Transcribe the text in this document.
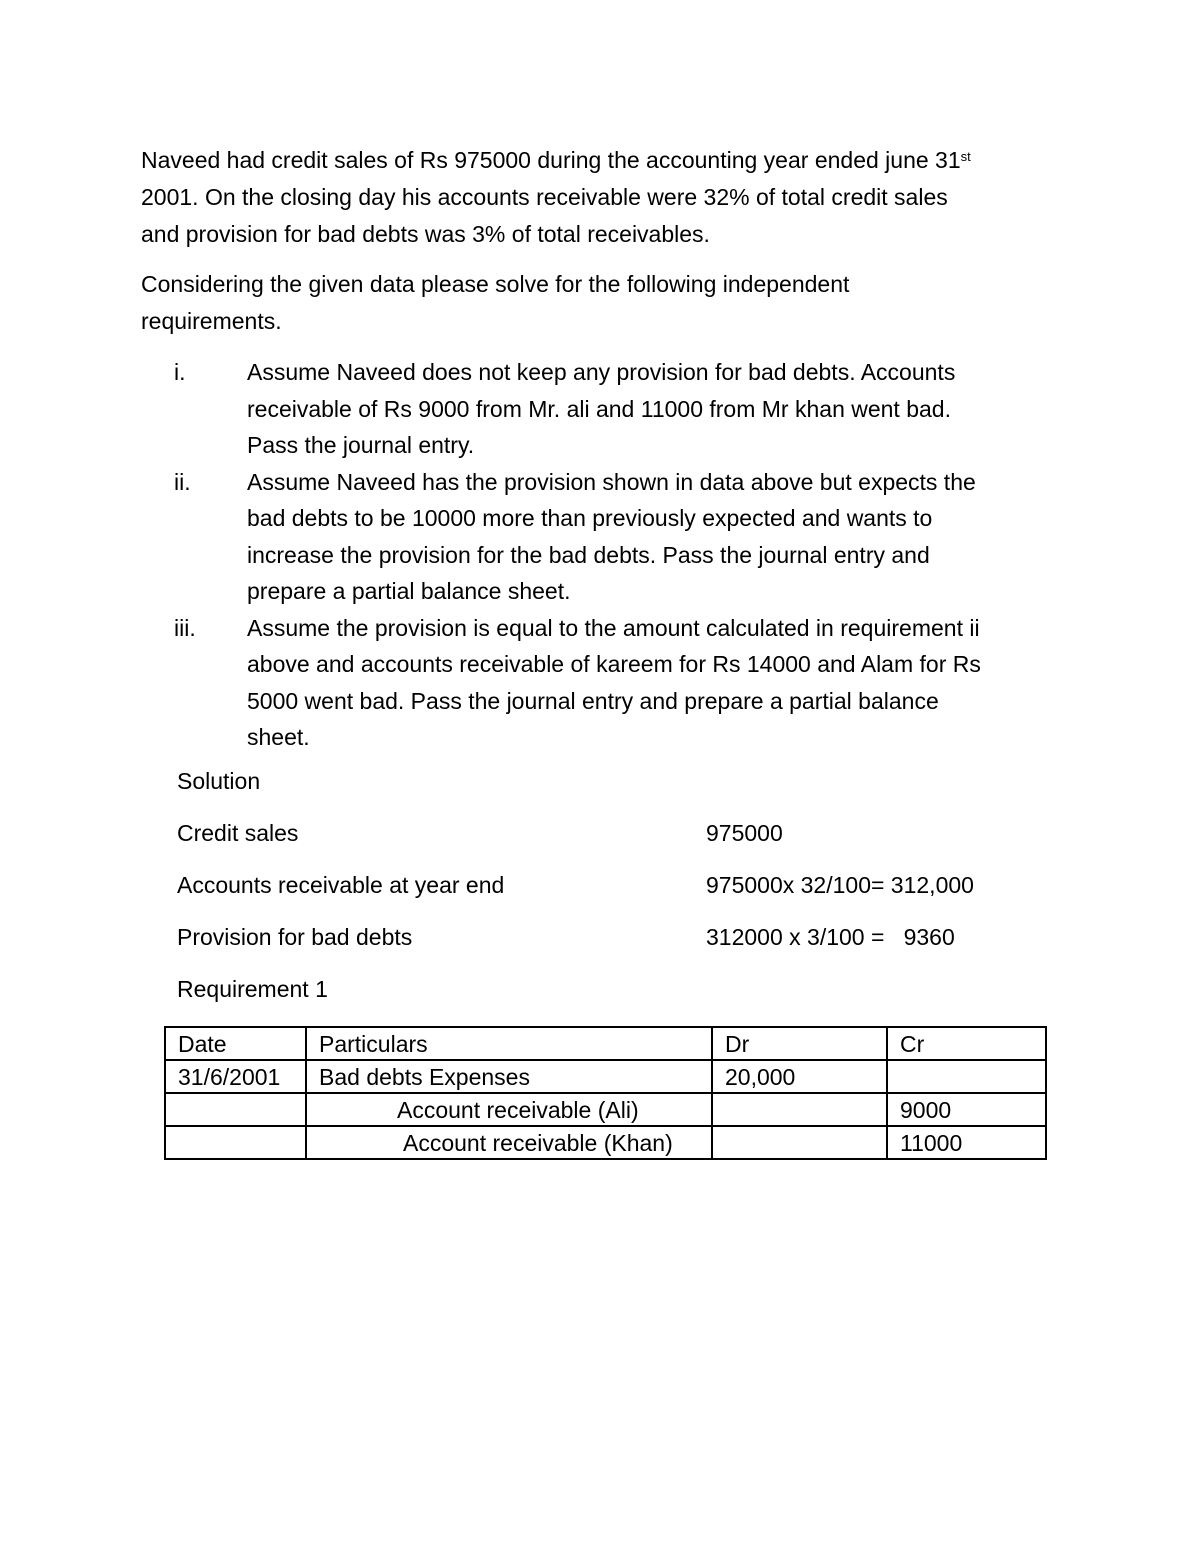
Naveed had credit sales of Rs 975000 during the accounting year ended june 31st
2001. On the closing day his accounts receivable were 32% of total credit sales
and provision for bad debts was 3% of total receivables.
Considering the given data please solve for the following independent
requirements.
i.	Assume Naveed does not keep any provision for bad debts. Accounts
receivable of Rs 9000 from Mr. ali and 11000 from Mr khan went bad.
Pass the journal entry.
ii.	Assume Naveed has the provision shown in data above but expects the
bad debts to be 10000 more than previously expected and wants to
increase the provision for the bad debts. Pass the journal entry and
prepare a partial balance sheet.
iii.	Assume the provision is equal to the amount calculated in requirement ii
above and accounts receivable of kareem for Rs 14000 and Alam for Rs
5000 went bad. Pass the journal entry and prepare a partial balance
sheet.
Solution
Credit sales	975000
Accounts receivable at year end	975000x 32/100= 312,000
Provision for bad debts	312000 x 3/100 =   9360
Requirement 1
Date	Particulars	Dr	Cr
31/6/2001	Bad debts Expenses	20,000	
	Account receivable (Ali)		9000
	Account receivable (Khan)		11000
